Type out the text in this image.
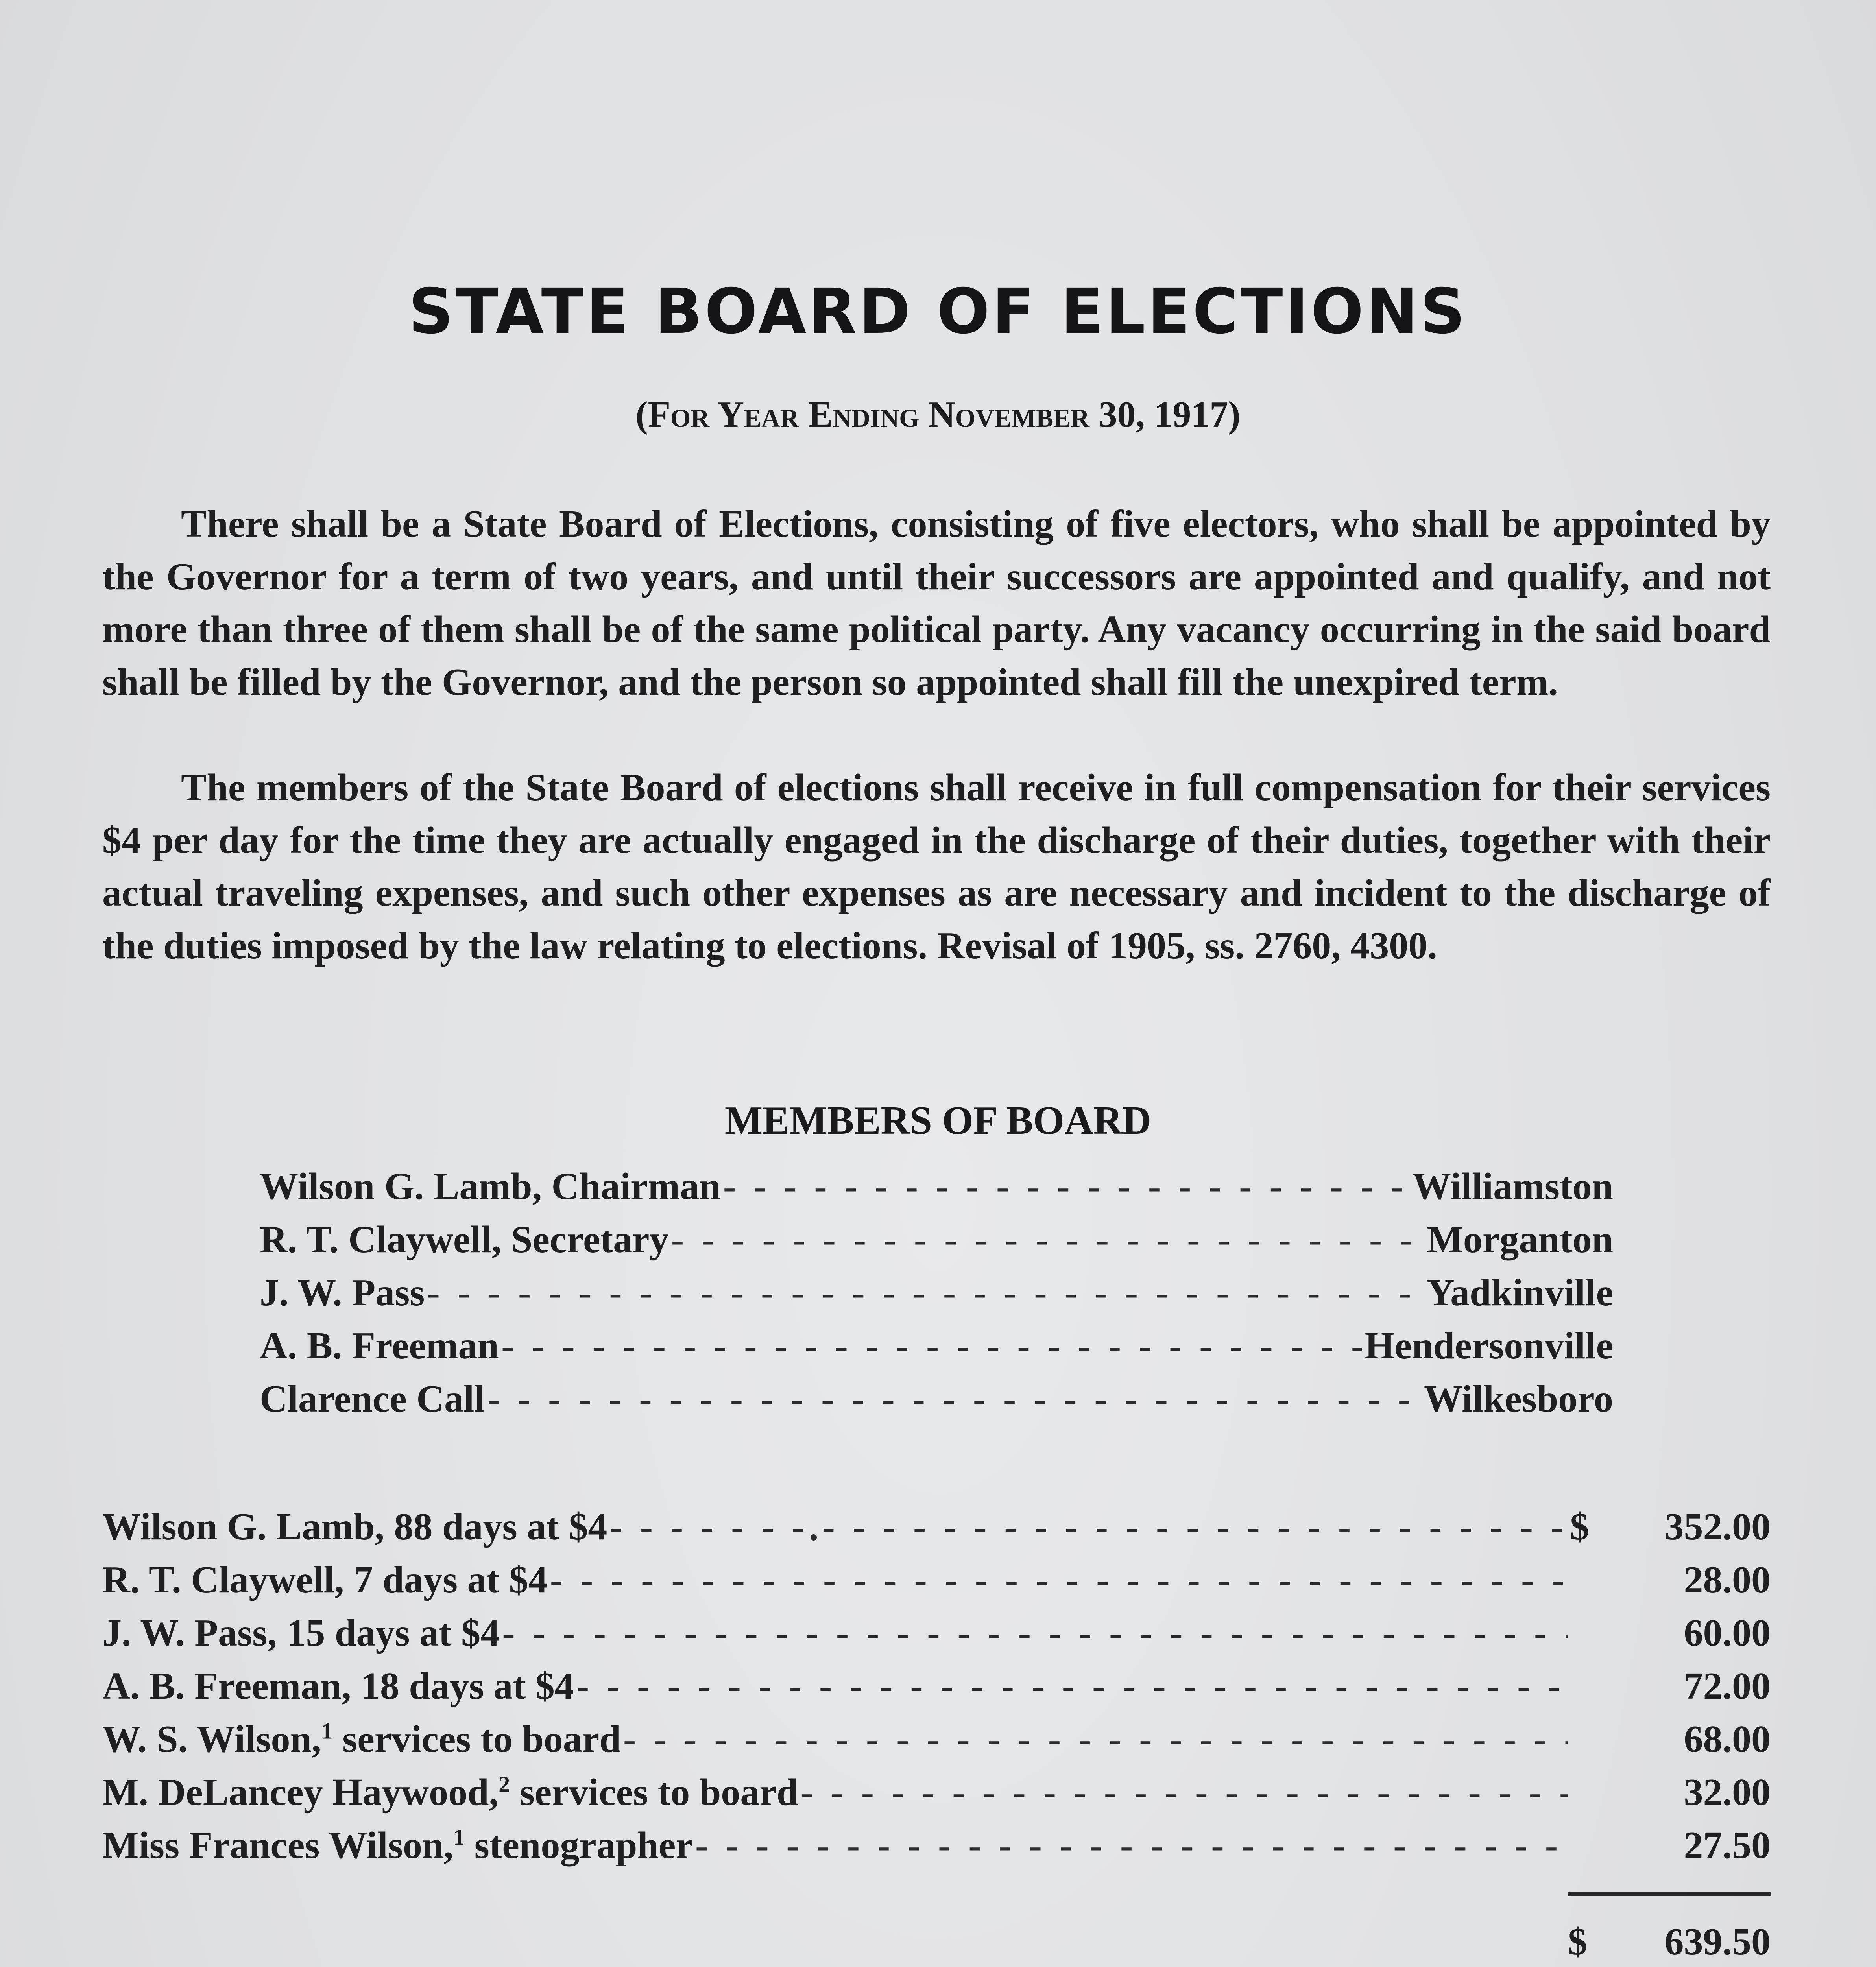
STATE BOARD OF ELECTIONS
(For Year Ending November 30, 1917)
There shall be a State Board of Elections, consisting of five electors, who shall be appointed by the Governor for a term of two years, and until their successors are appointed and qualify, and not more than three of them shall be of the same political party. Any vacancy occurring in the said board shall be filled by the Governor, and the person so appointed shall fill the unexpired term.
The members of the State Board of elections shall receive in full compensation for their services $4 per day for the time they are actually engaged in the discharge of their duties, together with their actual traveling expenses, and such other expenses as are necessary and incident to the discharge of the duties imposed by the law relating to elections. Revisal of 1905, ss. 2760, 4300.
MEMBERS OF BOARD
Wilson G. Lamb, Chairman - - -	Williamston
R. T. Claywell, Secretary - - -	Morganton
J. W. Pass - - -	Yadkinville
A. B. Freeman - - -	Hendersonville
Clarence Call - - -	Wilkesboro
Wilson G. Lamb, 88 days at $4 - - -	$	352.00
R. T. Claywell, 7 days at $4 - - -	28.00
J. W. Pass, 15 days at $4 - - -	60.00
A. B. Freeman, 18 days at $4 - - -	72.00
W. S. Wilson,$^1$ services to board - - -	68.00
M. DeLancey Haywood,$^2$ services to board - - -	32.00
Miss Frances Wilson,$^1$ stenographer - - -	27.50
$ 639.50
